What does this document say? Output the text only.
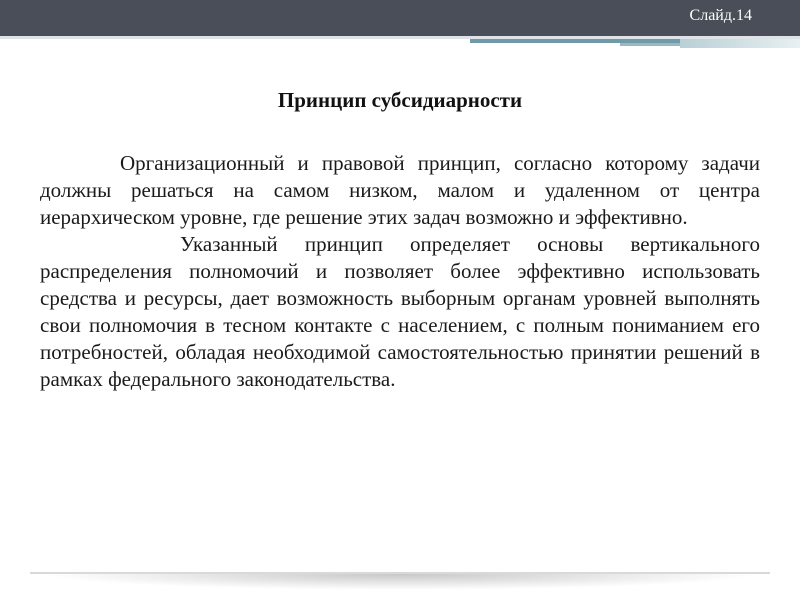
Слайд.14
Принцип субсидиарности

Организационный и правовой принцип, согласно которому задачи должны решаться на самом низком, малом и удаленном от центра иерархическом уровне, где решение этих задач возможно и эффективно.

Указанный принцип определяет основы вертикального распределения полномочий и позволяет более эффективно использовать средства и ресурсы, дает возможность выборным органам уровней выполнять свои полномочия в тесном контакте с населением, с полным пониманием его потребностей, обладая необходимой самостоятельностью принятии решений в рамках федерального законодательства.
